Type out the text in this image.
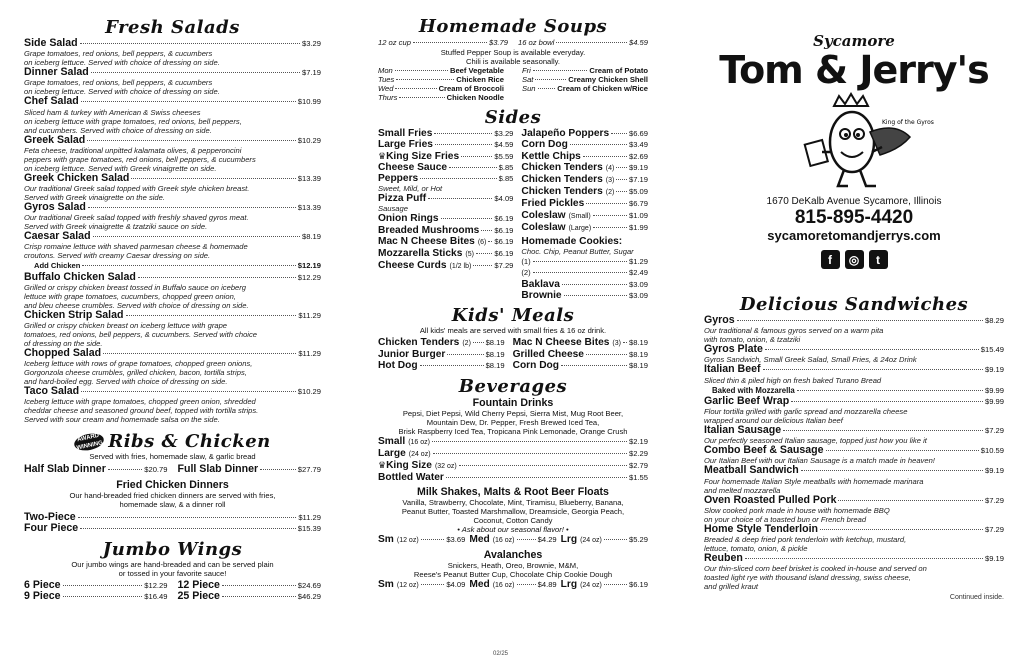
Fresh Salads
Side Salad	$3.29
Grape tomatoes, red onions, bell peppers, & cucumbers
on iceberg lettuce. Served with choice of dressing on side.
Dinner Salad	$7.19
Grape tomatoes, red onions, bell peppers, & cucumbers
on iceberg lettuce. Served with choice of dressing on side.
Chef Salad	$10.99
Sliced ham & turkey with American & Swiss cheeses
on iceberg lettuce with grape tomatoes, red onions, bell peppers,
and cucumbers. Served with choice of dressing on side.
Greek Salad	$10.29
Feta cheese, traditional unpitted kalamata olives, & pepperoncini
peppers with grape tomatoes, red onions, bell peppers, & cucumbers
on iceberg lettuce. Served with Greek vinaigrette on side.
Greek Chicken Salad	$13.39
Our traditional Greek salad topped with Greek style chicken breast.
Served with Greek vinaigrette on the side.
Gyros Salad	$13.39
Our traditional Greek salad topped with freshly shaved gyros meat.
Served with Greek vinaigrette & tzatziki sauce on side.
Caesar Salad	$8.19
Crisp romaine lettuce with shaved parmesan cheese & homemade
croutons. Served with creamy Caesar dressing on side.
Add Chicken	$12.19
Buffalo Chicken Salad	$12.29
Grilled or crispy chicken breast tossed in Buffalo sauce on iceberg
lettuce with grape tomatoes, cucumbers, chopped green onion,
and bleu cheese crumbles. Served with choice of dressing on side.
Chicken Strip Salad	$11.29
Grilled or crispy chicken breast on iceberg lettuce with grape
tomatoes, red onions, bell peppers, & cucumbers. Served with choice
of dressing on the side.
Chopped Salad	$11.29
Iceberg lettuce with rows of grape tomatoes, chopped green onions,
Gorgonzola cheese crumbles, grilled chicken, bacon, tortilla strips,
and hard-boiled egg. Served with choice of dressing on side.
Taco Salad	$10.29
Iceberg lettuce with grape tomatoes, chopped green onion, shredded
cheddar cheese and seasoned ground beef, topped with tortilla strips.
Served with sour cream and homemade salsa on the side.
AWARD WINNING Ribs & Chicken
Served with fries, homemade slaw, & garlic bread
Half Slab Dinner	$20.79 Full Slab Dinner	$27.79
Fried Chicken Dinners
Our hand-breaded fried chicken dinners are served with fries,
homemade slaw, & a dinner roll
Two-Piece	$11.29
Four Piece	$15.39
Jumbo Wings
Our jumbo wings are hand-breaded and can be served plain
or tossed in your favorite sauce!
6 Piece	$12.29 12 Piece	$24.69
9 Piece	$16.49 25 Piece	$46.29
Homemade Soups
12 oz cup	$3.79 16 oz bowl	$4.59
Stuffed Pepper Soup is available everyday.
Chili is available seasonally.
Mon	Beef Vegetable Fri	Cream of Potato
Tues	Chicken Rice Sat	Creamy Chicken Shell
Wed	Cream of Broccoli Sun	Cream of Chicken w/Rice
Thurs	Chicken Noodle
Sides
Small Fries	$3.29
Large Fries	$4.59
♛ King Size Fries	$5.59
Cheese Sauce	$.85
Peppers	$.85
Sweet, Mild, or Hot
Pizza Puff	$4.09
Sausage
Onion Rings	$6.19
Breaded Mushrooms $6.19
Mac N Cheese Bites (6) $6.19
Mozzarella Sticks (5)	$6.19
Cheese Curds (1/2 lb)	$7.29
Jalapeño Poppers	$6.69
Corn Dog	$3.49
Kettle Chips	$2.69
Chicken Tenders (4) $9.19
Chicken Tenders (3) $7.19
Chicken Tenders (2) $5.09
Fried Pickles	$6.79
Coleslaw (Small)	$1.09
Coleslaw (Large)	$1.99
Homemade Cookies:
Choc. Chip, Peanut Butter, Sugar
(1)	$1.29
(2)	$2.49
Baklava	$3.09
Brownie	$3.09
Kids' Meals
All kids' meals are served with small fries & 16 oz drink.
Chicken Tenders (2) $8.19
Junior Burger	$8.19
Hot Dog	$8.19
Mac N Cheese Bites (3) $8.19
Grilled Cheese	$8.19
Corn Dog	$8.19
Beverages
Fountain Drinks
Pepsi, Diet Pepsi, Wild Cherry Pepsi, Sierra Mist, Mug Root Beer,
Mountain Dew, Dr. Pepper, Fresh Brewed Iced Tea,
Brisk Raspberry Iced Tea, Tropicana Pink Lemonade, Orange Crush
Small (16 oz)	$2.19
Large (24 oz)	$2.29
♛ King Size (32 oz)	$2.79
Bottled Water	$1.55
Milk Shakes, Malts & Root Beer Floats
Vanilla, Strawberry, Chocolate, Mint, Tiramisu, Blueberry, Banana,
Peanut Butter, Toasted Marshmallow, Dreamsicle, Georgia Peach,
Coconut, Cotton Candy
• Ask about our seasonal flavor! •
Sm (12 oz)	$3.69 Med (16 oz)	$4.29 Lrg (24 oz)	$5.29
Avalanches
Snickers, Heath, Oreo, Brownie, M&M,
Reese's Peanut Butter Cup, Chocolate Chip Cookie Dough
Sm (12 oz)	$4.09 Med (16 oz)	$4.89 Lrg (24 oz)	$6.19
02/25
Sycamore
Tom & Jerry's
King of the Gyros
1670 DeKalb Avenue Sycamore, Illinois
815-895-4420
sycamoretomandjerrys.com
f	◎	t
Delicious Sandwiches
Gyros	$8.29
Our traditional & famous gyros served on a warm pita
with tomato, onion, & tzatziki
Gyros Plate	$15.49
Gyros Sandwich, Small Greek Salad, Small Fries, & 24oz Drink
Italian Beef	$9.19
Sliced thin & piled high on fresh baked Turano Bread
Baked with Mozzarella	$9.99
Garlic Beef Wrap	$9.99
Flour tortilla grilled with garlic spread and mozzarella cheese
wrapped around our delicious Italian beef
Italian Sausage	$7.29
Our perfectly seasoned Italian sausage, topped just how you like it
Combo Beef & Sausage	$10.59
Our Italian Beef with our Italian Sausage is a match made in heaven!
Meatball Sandwich	$9.19
Four homemade Italian Style meatballs with homemade marinara
and melted mozzarella
Oven Roasted Pulled Pork	$7.29
Slow cooked pork made in house with homemade BBQ
on your choice of a toasted bun or French bread
Home Style Tenderloin	$7.29
Breaded & deep fried pork tenderloin with ketchup, mustard,
lettuce, tomato, onion, & pickle
Reuben	$9.19
Our thin-sliced corn beef brisket is cooked in-house and served on
toasted light rye with thousand island dressing, swiss cheese,
and grilled kraut
Continued inside.
